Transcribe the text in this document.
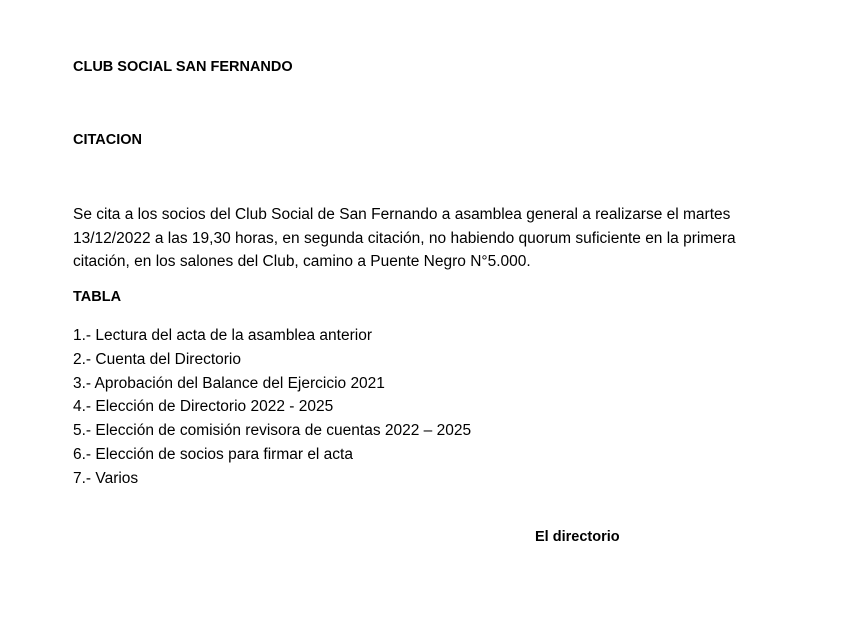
CLUB SOCIAL SAN FERNANDO
CITACION
Se cita a los socios del Club Social de San Fernando a asamblea general a realizarse el martes
13/12/2022 a las 19,30 horas, en segunda citación, no habiendo quorum suficiente en la primera
citación, en los salones del Club, camino a Puente Negro N°5.000.
TABLA
1.- Lectura del acta de la asamblea anterior
2.- Cuenta del Directorio
3.- Aprobación del Balance del Ejercicio 2021
4.- Elección de Directorio 2022 - 2025
5.- Elección de comisión revisora de cuentas 2022 – 2025
6.- Elección de socios para firmar el acta
7.- Varios
El directorio
